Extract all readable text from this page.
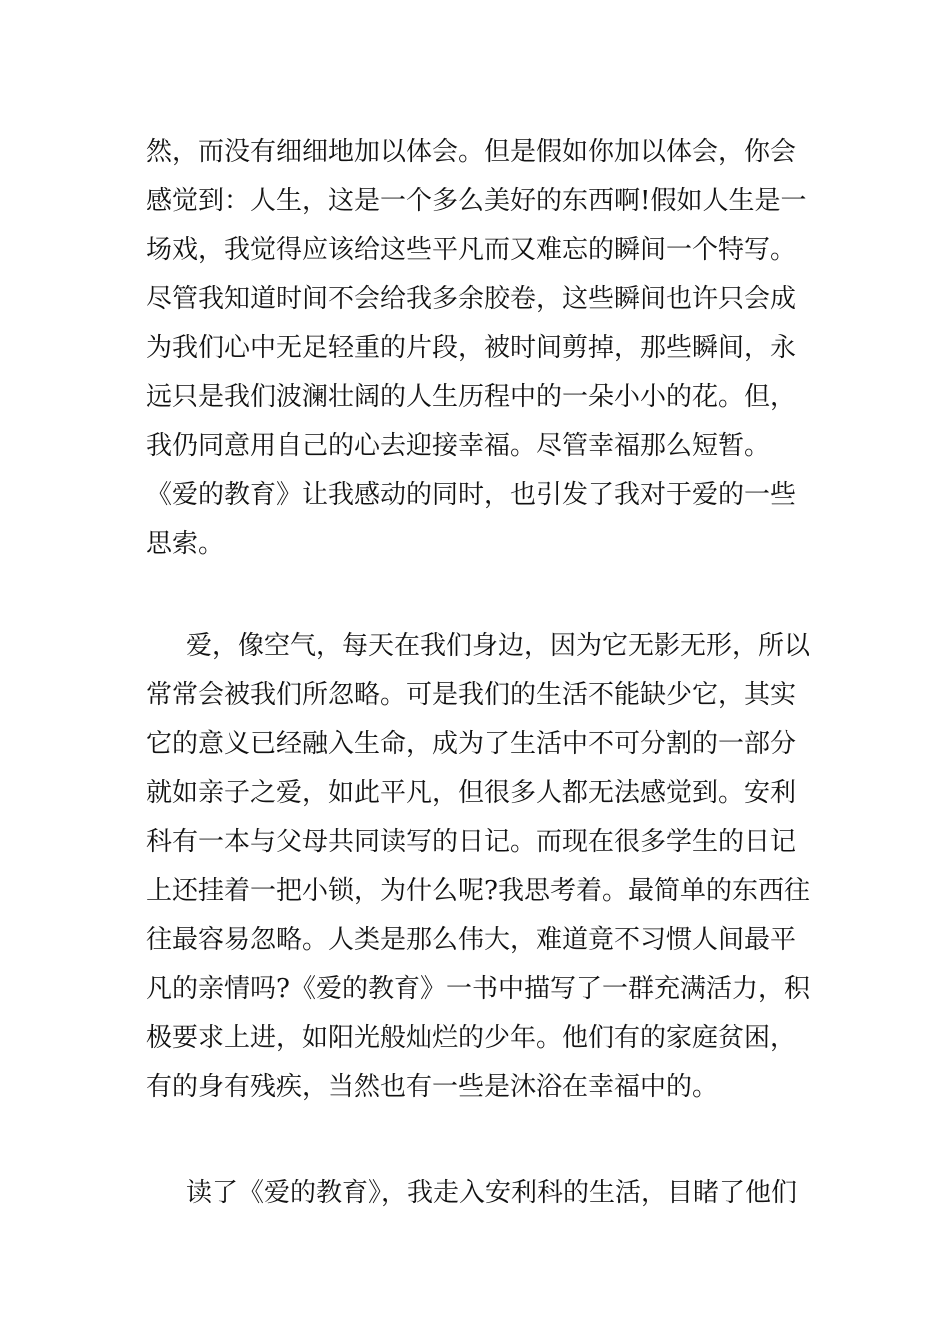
然，而没有细细地加以体会。但是假如你加以体会，你会
感觉到：人生，这是一个多么美好的东西啊!假如人生是一
场戏，我觉得应该给这些平凡而又难忘的瞬间一个特写。
尽管我知道时间不会给我多余胶卷，这些瞬间也许只会成
为我们心中无足轻重的片段，被时间剪掉，那些瞬间，永
远只是我们波澜壮阔的人生历程中的一朵小小的花。但，
我仍同意用自己的心去迎接幸福。尽管幸福那么短暂。
《爱的教育》让我感动的同时，也引发了我对于爱的一些
思索。
爱，像空气，每天在我们身边，因为它无影无形，所以
常常会被我们所忽略。可是我们的生活不能缺少它，其实
它的意义已经融入生命，成为了生活中不可分割的一部分
就如亲子之爱，如此平凡，但很多人都无法感觉到。安利
科有一本与父母共同读写的日记。而现在很多学生的日记
上还挂着一把小锁，为什么呢?我思考着。最简单的东西往
往最容易忽略。人类是那么伟大，难道竟不习惯人间最平
凡的亲情吗?《爱的教育》一书中描写了一群充满活力，积
极要求上进，如阳光般灿烂的少年。他们有的家庭贫困，
有的身有残疾，当然也有一些是沐浴在幸福中的。
读了《爱的教育》，我走入安利科的生活，目睹了他们
